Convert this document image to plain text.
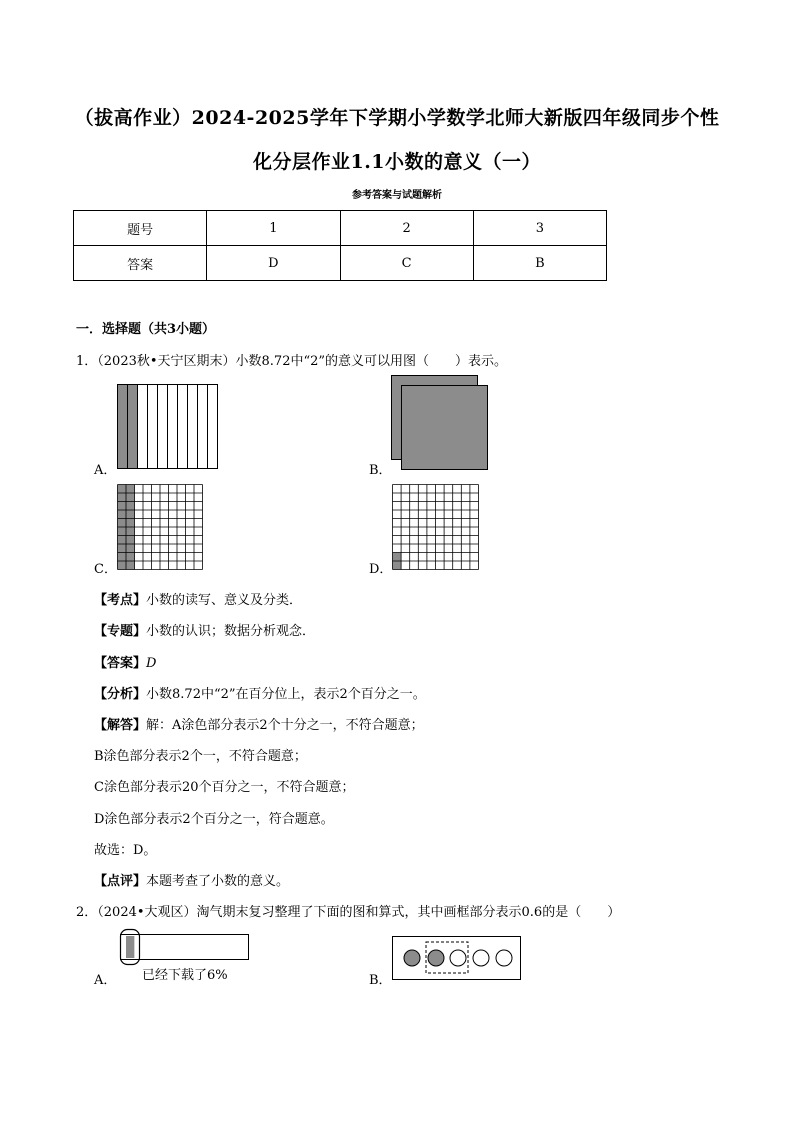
（拔高作业）2024-2025学年下学期小学数学北师大新版四年级同步个性
化分层作业1.1小数的意义（一）
参考答案与试题解析
题号	1	2	3
答案	D	C	B
一．选择题（共3小题）
1．（2023秋•天宁区期末）小数8.72中“2”的意义可以用图（　　）表示。
A．	B．
C．	D．
【考点】小数的读写、意义及分类．
【专题】小数的认识；数据分析观念．
【答案】D
【分析】小数8.72中“2”在百分位上，表示2个百分之一。
【解答】解：A涂色部分表示2个十分之一，不符合题意；
B涂色部分表示2个一，不符合题意；
C涂色部分表示20个百分之一，不符合题意；
D涂色部分表示2个百分之一，符合题意。
故选：D。
【点评】本题考查了小数的意义。
2．（2024•大观区）淘气期末复习整理了下面的图和算式，其中画框部分表示0.6的是（　　）
A．	B．
已经下载了6%
